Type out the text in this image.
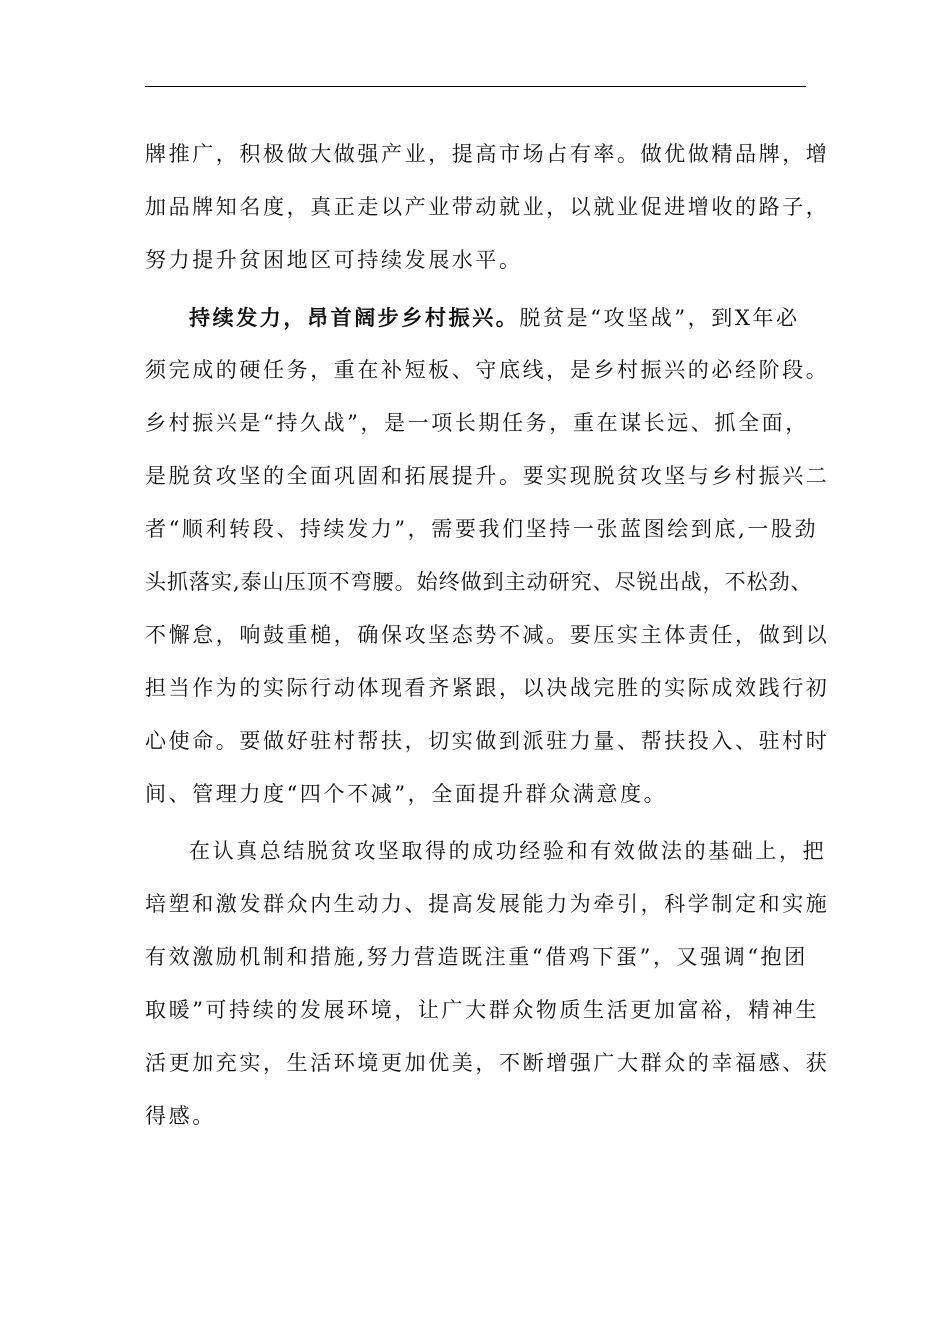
牌推广，积极做大做强产业，提高市场占有率。做优做精品牌，增
加品牌知名度，真正走以产业带动就业，以就业促进增收的路子，
努力提升贫困地区可持续发展水平。
持续发力，昂首阔步乡村振兴。脱贫是“攻坚战”，到X年必
须完成的硬任务，重在补短板、守底线，是乡村振兴的必经阶段。
乡村振兴是“持久战”，是一项长期任务，重在谋长远、抓全面，
是脱贫攻坚的全面巩固和拓展提升。要实现脱贫攻坚与乡村振兴二
者“顺利转段、持续发力”，需要我们坚持一张蓝图绘到底,一股劲
头抓落实,泰山压顶不弯腰。始终做到主动研究、尽锐出战，不松劲、
不懈怠，响鼓重槌，确保攻坚态势不减。要压实主体责任，做到以
担当作为的实际行动体现看齐紧跟，以决战完胜的实际成效践行初
心使命。要做好驻村帮扶，切实做到派驻力量、帮扶投入、驻村时
间、管理力度“四个不减”，全面提升群众满意度。
在认真总结脱贫攻坚取得的成功经验和有效做法的基础上，把
培塑和激发群众内生动力、提高发展能力为牵引，科学制定和实施
有效激励机制和措施,努力营造既注重“借鸡下蛋”，又强调“抱团
取暖”可持续的发展环境，让广大群众物质生活更加富裕，精神生
活更加充实，生活环境更加优美，不断增强广大群众的幸福感、获
得感。
